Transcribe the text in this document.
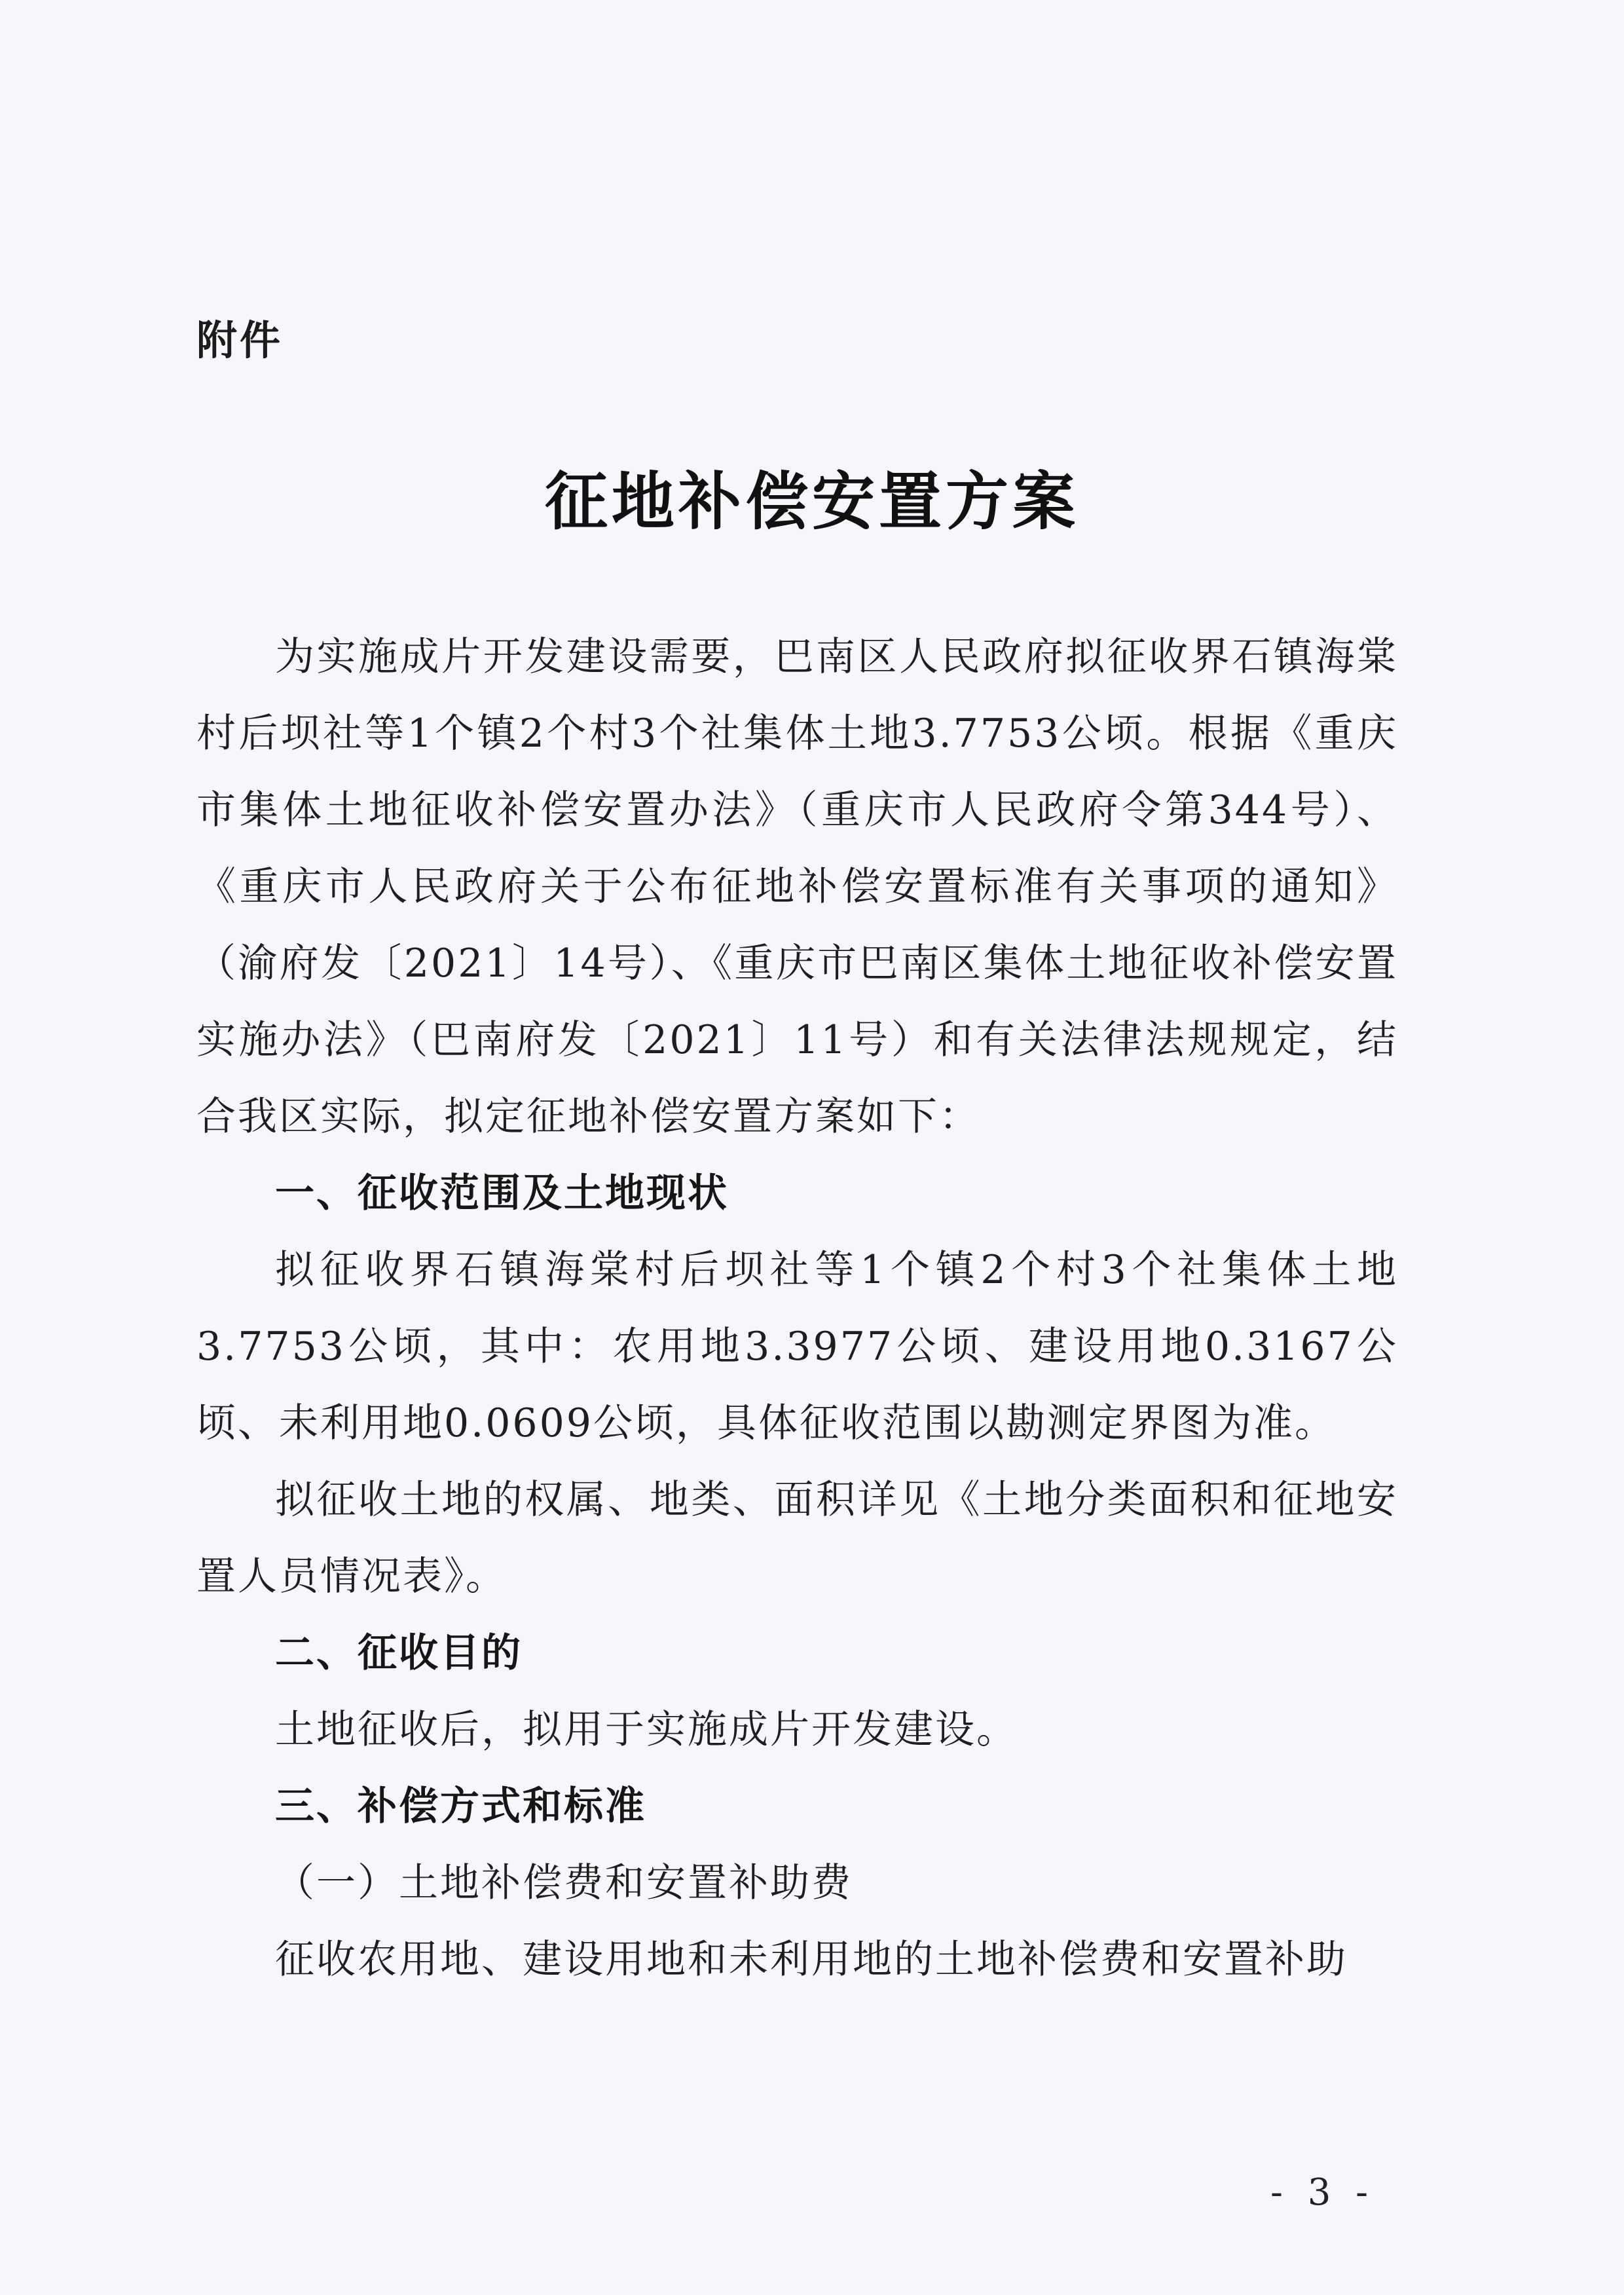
附件
征地补偿安置方案

为实施成片开发建设需要，巴南区人民政府拟征收界石镇海棠村后坝社等1个镇2个村3个社集体土地3.7753公顷。根据《重庆市集体土地征收补偿安置办法》（重庆市人民政府令第344号）、《重庆市人民政府关于公布征地补偿安置标准有关事项的通知》（渝府发〔2021〕14号）、《重庆市巴南区集体土地征收补偿安置实施办法》（巴南府发〔2021〕11号）和有关法律法规规定，结合我区实际，拟定征地补偿安置方案如下：

一、征收范围及土地现状

拟征收界石镇海棠村后坝社等1个镇2个村3个社集体土地3.7753公顷，其中：农用地3.3977公顷、建设用地0.3167公顷、未利用地0.0609公顷，具体征收范围以勘测定界图为准。

拟征收土地的权属、地类、面积详见《土地分类面积和征地安置人员情况表》。

二、征收目的

土地征收后，拟用于实施成片开发建设。

三、补偿方式和标准

（一）土地补偿费和安置补助费

征收农用地、建设用地和未利用地的土地补偿费和安置补助

- 3 -
